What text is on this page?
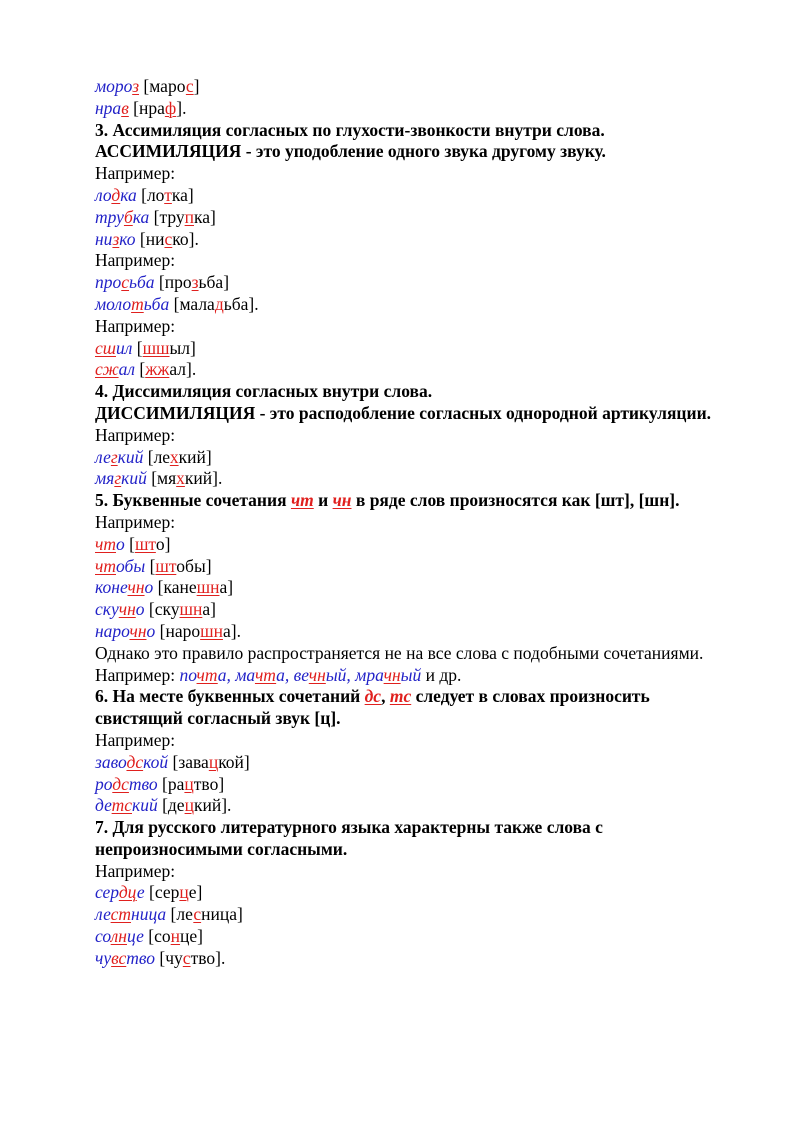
мороз [марос]
нрав [нраф].
3. Ассимиляция согласных по глухости-звонкости внутри слова.
АССИМИЛЯЦИЯ - это уподобление одного звука другому звуку.
Например:
лодка [лотка]
трубка [трупка]
низко [ниско].
Например:
просьба [прозьба]
молотьба [маладьба].
Например:
сшил [шшыл]
сжал [жжал].
4. Диссимиляция согласных внутри слова.
ДИССИМИЛЯЦИЯ - это расподобление согласных однородной артикуляции.
Например:
легкий [лехкий]
мягкий [мяхкий].
5. Буквенные сочетания чт и чн в ряде слов произносятся как [шт], [шн].
Например:
что [што]
чтобы [штобы]
конечно [канешна]
скучно [скушна]
нарочно [нарошна].
Однако это правило распространяется не на все слова с подобными сочетаниями.
Например: почта, мачта, вечный, мрачный и др.
6. На месте буквенных сочетаний дс, тс следует в словах произносить свистящий согласный звук [ц].
Например:
заводской [завацкой]
родство [рацтво]
детский [децкий].
7. Для русского литературного языка характерны также слова с непроизносимыми согласными.
Например:
сердце [серце]
лестница [лесница]
солнце [сонце]
чувство [чуство].
